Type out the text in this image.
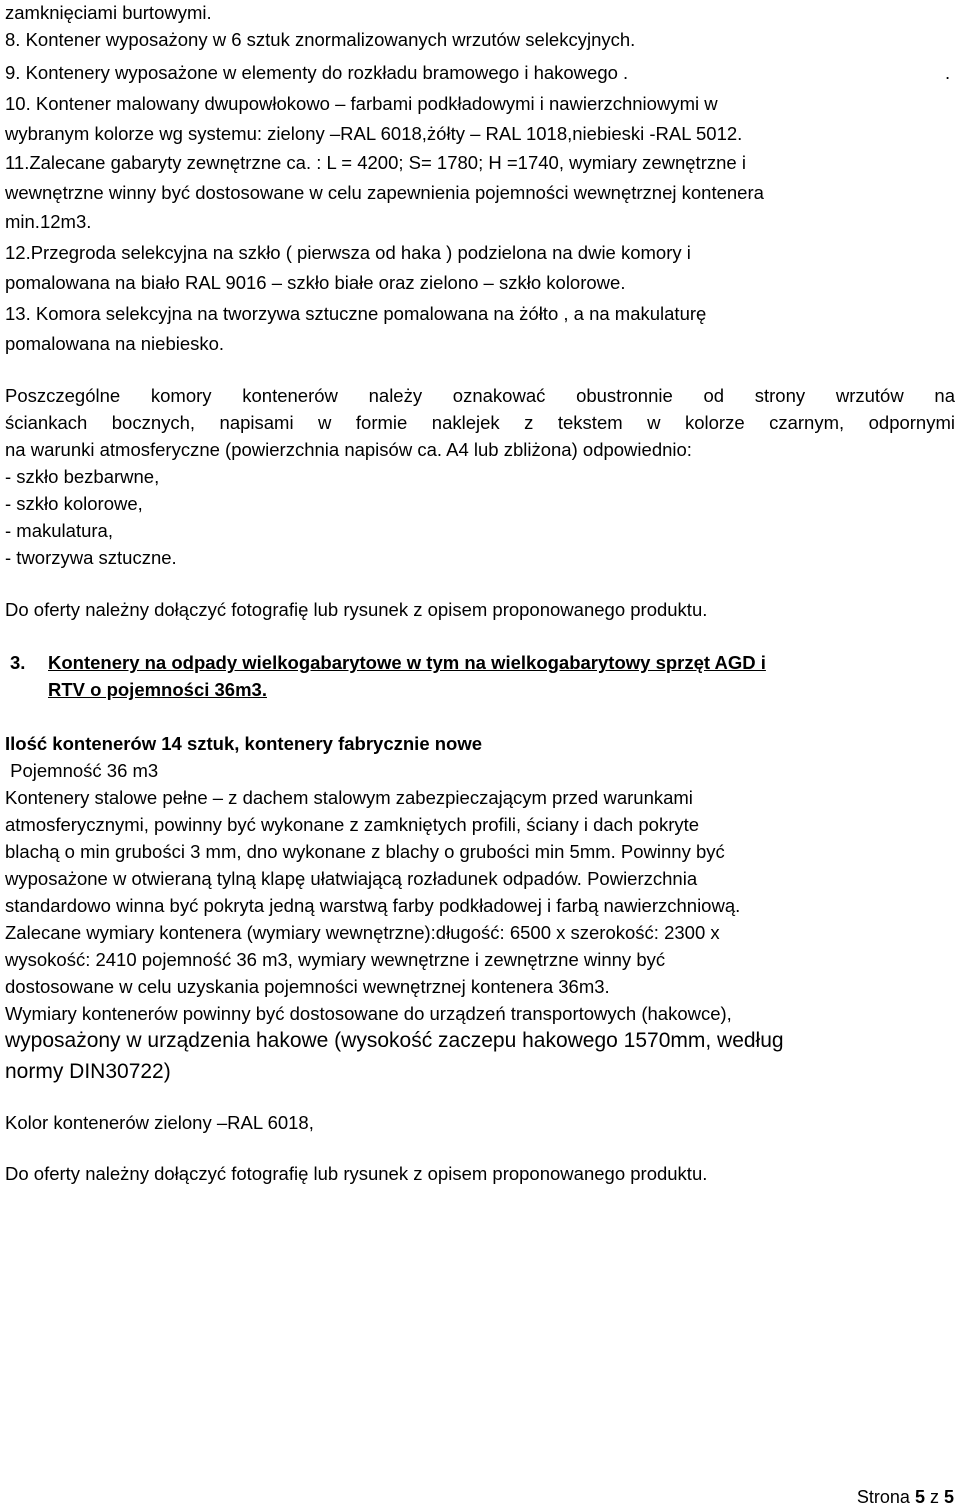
zamknięciami burtowymi.
8. Kontener wyposażony w 6 sztuk znormalizowanych wrzutów selekcyjnych.
9. Kontenery wyposażone w elementy do rozkładu bramowego i hakowego .	.
10. Kontener malowany dwupowłokowo – farbami podkładowymi i nawierzchniowymi w
wybranym kolorze wg systemu: zielony –RAL 6018,żółty – RAL 1018,niebieski -RAL 5012.
11.Zalecane gabaryty zewnętrzne ca. : L = 4200; S= 1780; H =1740, wymiary zewnętrzne i
wewnętrzne winny być dostosowane w celu zapewnienia pojemności wewnętrznej kontenera
min.12m3.
12.Przegroda selekcyjna na szkło ( pierwsza od haka ) podzielona na dwie komory i
pomalowana na biało RAL 9016 – szkło białe oraz zielono – szkło kolorowe.
13. Komora selekcyjna na tworzywa sztuczne pomalowana na żółto , a na makulaturę
pomalowana na niebiesko.
Poszczególne komory kontenerów należy oznakować obustronnie od strony wrzutów na
ściankach bocznych, napisami w formie naklejek z tekstem w kolorze czarnym, odpornymi
na warunki atmosferyczne (powierzchnia napisów ca. A4 lub zbliżona) odpowiednio:
- szkło bezbarwne,
- szkło kolorowe,
- makulatura,
- tworzywa sztuczne.
Do oferty należny dołączyć fotografię lub rysunek z opisem proponowanego produktu.
3. Kontenery na odpady wielkogabarytowe w tym na wielkogabarytowy sprzęt AGD i
RTV o pojemności 36m3.
Ilość kontenerów 14 sztuk, kontenery fabrycznie nowe
Pojemność 36 m3
Kontenery stalowe pełne – z dachem stalowym zabezpieczającym przed warunkami
atmosferycznymi, powinny być wykonane z zamkniętych profili, ściany i dach pokryte
blachą o min grubości 3 mm, dno wykonane z blachy o grubości min 5mm. Powinny być
wyposażone w otwieraną tylną klapę ułatwiającą rozładunek odpadów. Powierzchnia
standardowo winna być pokryta jedną warstwą farby podkładowej i farbą nawierzchniową.
Zalecane wymiary kontenera (wymiary wewnętrzne):długość: 6500 x szerokość: 2300 x
wysokość: 2410 pojemność 36 m3, wymiary wewnętrzne i zewnętrzne winny być
dostosowane w celu uzyskania pojemności wewnętrznej kontenera 36m3.
Wymiary kontenerów powinny być dostosowane do urządzeń transportowych (hakowce),
wyposażony w urządzenia hakowe (wysokość zaczepu hakowego 1570mm, według
normy DIN30722)
Kolor kontenerów zielony –RAL 6018,
Do oferty należny dołączyć fotografię lub rysunek z opisem proponowanego produktu.
Strona 5 z 5
